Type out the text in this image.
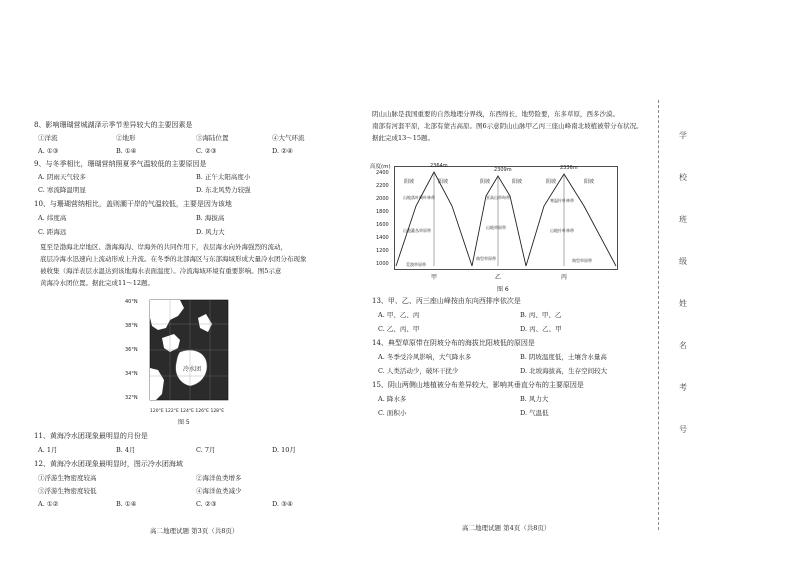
8、影响珊瑚营城湖泽示季节差异较大的主要因素是
①洋流	②地形	③海陆位置	④大气环流
A. ①③	B. ①④	C. ②③	D. ②④
9、与冬季相比，珊瑚营纳照夏季气温较低的主要原因是
A. 阴雨天气较多	B. 正午太阳高度小
C. 寒流降温明显	D. 东北风势力较强
10、与珊瑚营纳相比，盖则潮干岸的气温较低，主要是因为该地
A. 纬度高	B. 海拔高
C. 距海远	D. 风力大
夏至是渤海北岸地区、渤海海沟、岸海外的共同作用下，表层海水向外海强烈的流动，
底层冷海水迅速向上流动形成上升流。在冬季的北部海区与东部海域形成大量冷水团分布现象
被收集（海洋表层水温达到该地海水表面温度）。冷流海域环境有重要影响。图5示意
黄海冷水团位置。据此完成11～12题。
40°N
38°N
36°N
34°N
32°N
冷水团
120°E 122°E 124°E 126°E 128°E
图 5
11、黄海冷水团现象最明显的月份是
A. 1月	B. 4月	C. 7月	D. 10月
12、黄海冷水团现象最明显时，图示冷水团海域
①浮游生物密度较高	②海洋鱼类增多
③浮游生物密度较低	④海洋鱼类减少
A. ①②	B. ①④	C. ②③	D. ③④
高二地理试题 第3页（共8页）
阴山山脉是我国重要的自然地理分界线，东西绵长，地势险要，东多草原，西多沙漠。
南部有河套平原，北部有蒙古高原。图6示意阴山山脉甲乙丙三座山峰南北坡植被带分布状况。
据此完成13～15题。
高度(m)
2400
2200
2000
1800
1600
1400
1200
1000
2364m
2309m	2336m
阴坡	阳坡	阴坡	阳坡	阴坡	阳坡
山地落叶阔叶林带
山地灌丛草原带
荒漠草原带
亚高山草甸带
山地草原带
典型草原带
寒温针叶林带
山地针叶林带
典型草原带
甲	乙	丙
图 6
13、甲、乙、丙三座山峰按由东向西排序依次是
A. 甲、乙、丙	B. 丙、甲、乙
C. 乙、丙、甲	D. 丙、乙、甲
14、典型草原带在阴坡分布的海拔比阳坡低的原因是
A. 冬季受冷风影响，大气降水多	B. 阴坡温度低，土壤含水量高
C. 人类活动少，破坏干扰少	D. 北坡海拔高，生存空间较大
15、阴山两侧山地植被分布差异较大，影响其垂直分布的主要原因是
A. 降水多	B. 风力大
C. 面积小	D. 气温低
高二地理试题 第4页（共8页）
学
校
班
级
姓
名
考
号
